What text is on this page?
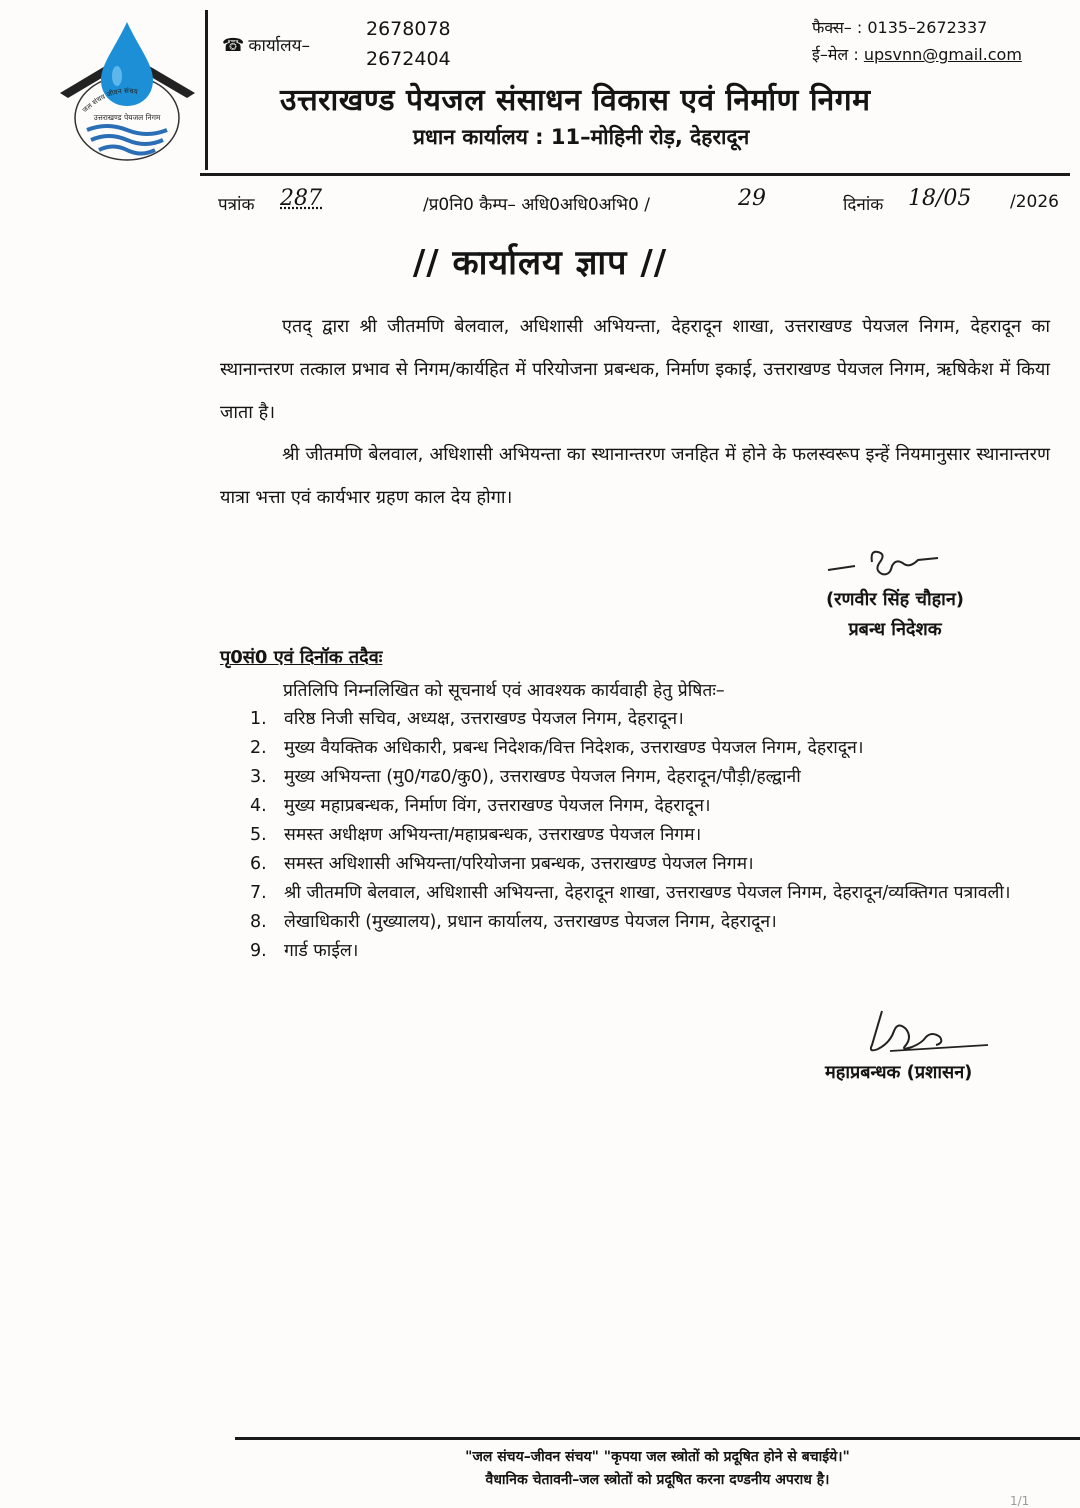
जल संचय जीवन संचय
उत्तराखण्ड पेयजल निगम
☎ कार्यालय–
2678078
2672404
फैक्स– : 0135–2672337
ई–मेल : upsvnn@gmail.com
उत्तराखण्ड पेयजल संसाधन विकास एवं निर्माण निगम
प्रधान कार्यालय : 11–मोहिनी रोड़, देहरादून
पत्रांक 287	/प्र0नि0 कैम्प– अधि0अधि0अभि0 /	29	दिनांक 18/05 /2026
// कार्यालय ज्ञाप //
एतद् द्वारा श्री जीतमणि बेलवाल, अधिशासी अभियन्ता, देहरादून शाखा, उत्तराखण्ड पेयजल निगम, देहरादून का स्थानान्तरण तत्काल प्रभाव से निगम/कार्यहित में परियोजना प्रबन्धक, निर्माण इकाई, उत्तराखण्ड पेयजल निगम, ऋषिकेश में किया जाता है।
श्री जीतमणि बेलवाल, अधिशासी अभियन्ता का स्थानान्तरण जनहित में होने के फलस्वरूप इन्हें नियमानुसार स्थानान्तरण यात्रा भत्ता एवं कार्यभार ग्रहण काल देय होगा।
(रणवीर सिंह चौहान)
प्रबन्ध निदेशक
पृ0सं0 एवं दिनॉक तदैवः
प्रतिलिपि निम्नलिखित को सूचनार्थ एवं आवश्यक कार्यवाही हेतु प्रेषितः–
1. वरिष्ठ निजी सचिव, अध्यक्ष, उत्तराखण्ड पेयजल निगम, देहरादून।
2. मुख्य वैयक्तिक अधिकारी, प्रबन्ध निदेशक/वित्त निदेशक, उत्तराखण्ड पेयजल निगम, देहरादून।
3. मुख्य अभियन्ता (मु0/गढ0/कु0), उत्तराखण्ड पेयजल निगम, देहरादून/पौड़ी/हल्द्वानी
4. मुख्य महाप्रबन्धक, निर्माण विंग, उत्तराखण्ड पेयजल निगम, देहरादून।
5. समस्त अधीक्षण अभियन्ता/महाप्रबन्धक, उत्तराखण्ड पेयजल निगम।
6. समस्त अधिशासी अभियन्ता/परियोजना प्रबन्धक, उत्तराखण्ड पेयजल निगम।
7. श्री जीतमणि बेलवाल, अधिशासी अभियन्ता, देहरादून शाखा, उत्तराखण्ड पेयजल निगम, देहरादून/व्यक्तिगत पत्रावली।
8. लेखाधिकारी (मुख्यालय), प्रधान कार्यालय, उत्तराखण्ड पेयजल निगम, देहरादून।
9. गार्ड फाईल।
महाप्रबन्धक (प्रशासन)
"जल संचय–जीवन संचय" "कृपया जल स्त्रोतों को प्रदूषित होने से बचाईये।"
वैधानिक चेतावनी–जल स्त्रोतों को प्रदूषित करना दण्डनीय अपराध है।
1/1
